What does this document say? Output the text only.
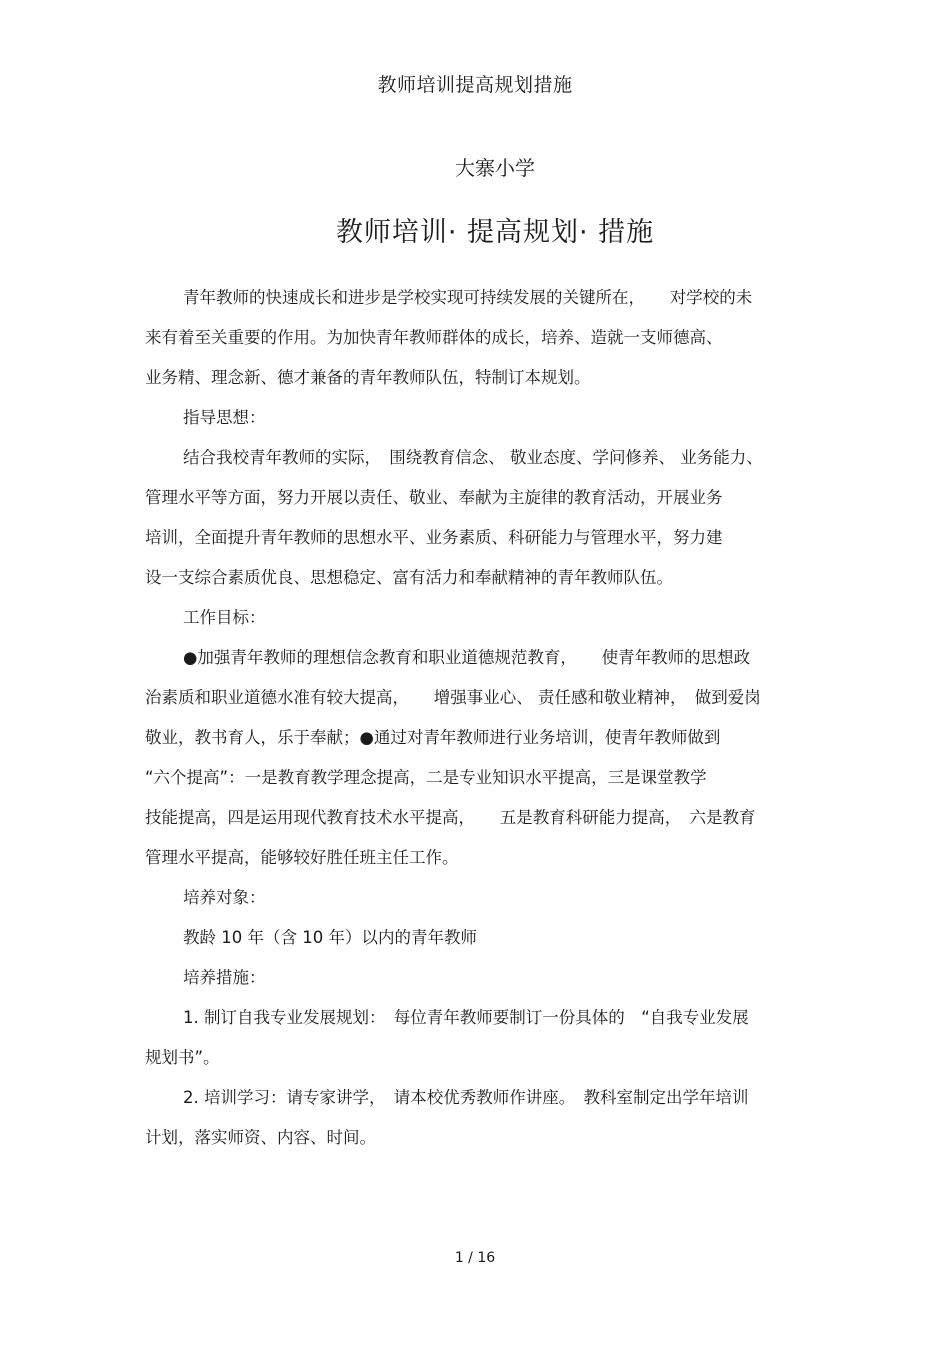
教师培训提高规划措施
大寨小学
教师培训· 提高规划· 措施
青年教师的快速成长和进步是学校实现可持续发展的关键所在，　　对学校的未
来有着至关重要的作用。为加快青年教师群体的成长，培养、造就一支师德高、
业务精、理念新、德才兼备的青年教师队伍，特制订本规划。
指导思想：
结合我校青年教师的实际，　围绕教育信念、 敬业态度、学问修养、 业务能力、
管理水平等方面，努力开展以责任、敬业、奉献为主旋律的教育活动，开展业务
培训，全面提升青年教师的思想水平、业务素质、科研能力与管理水平，努力建
设一支综合素质优良、思想稳定、富有活力和奉献精神的青年教师队伍。
工作目标：
●加强青年教师的理想信念教育和职业道德规范教育，　　使青年教师的思想政
治素质和职业道德水准有较大提高，　　增强事业心、 责任感和敬业精神，　做到爱岗
敬业，教书育人，乐于奉献；●通过对青年教师进行业务培训，使青年教师做到
“六个提高”：一是教育教学理念提高，二是专业知识水平提高，三是课堂教学
技能提高，四是运用现代教育技术水平提高，　　五是教育科研能力提高，　六是教育
管理水平提高，能够较好胜任班主任工作。
培养对象：
教龄 10 年（含 10 年）以内的青年教师
培养措施：
1. 制订自我专业发展规划：　每位青年教师要制订一份具体的　“自我专业发展
规划书”。
2. 培训学习：请专家讲学，　请本校优秀教师作讲座。　教科室制定出学年培训
计划，落实师资、内容、时间。
1 / 16
